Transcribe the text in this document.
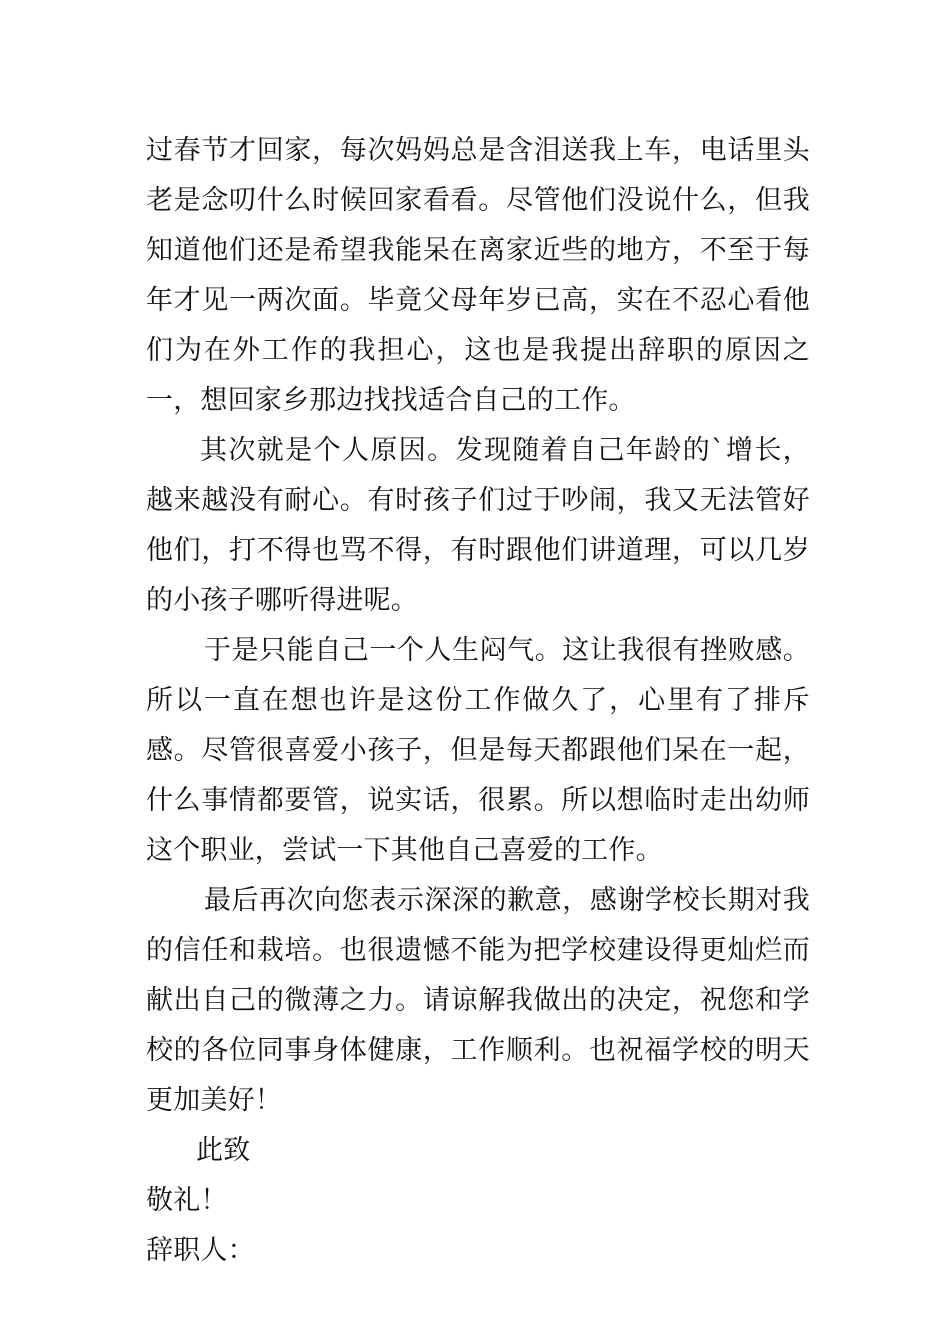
过春节才回家，每次妈妈总是含泪送我上车，电话里头老是念叨什么时候回家看看。尽管他们没说什么，但我知道他们还是希望我能呆在离家近些的地方，不至于每年才见一两次面。毕竟父母年岁已高，实在不忍心看他们为在外工作的我担心，这也是我提出辞职的原因之一，想回家乡那边找找适合自己的工作。

其次就是个人原因。发现随着自己年龄的`增长，越来越没有耐心。有时孩子们过于吵闹，我又无法管好他们，打不得也骂不得，有时跟他们讲道理，可以几岁的小孩子哪听得进呢。

于是只能自己一个人生闷气。这让我很有挫败感。所以一直在想也许是这份工作做久了，心里有了排斥感。尽管很喜爱小孩子，但是每天都跟他们呆在一起，什么事情都要管，说实话，很累。所以想临时走出幼师这个职业，尝试一下其他自己喜爱的工作。

最后再次向您表示深深的歉意，感谢学校长期对我的信任和栽培。也很遗憾不能为把学校建设得更灿烂而献出自己的微薄之力。请谅解我做出的决定，祝您和学校的各位同事身体健康，工作顺利。也祝福学校的明天更加美好！

此致

敬礼！

辞职人：
